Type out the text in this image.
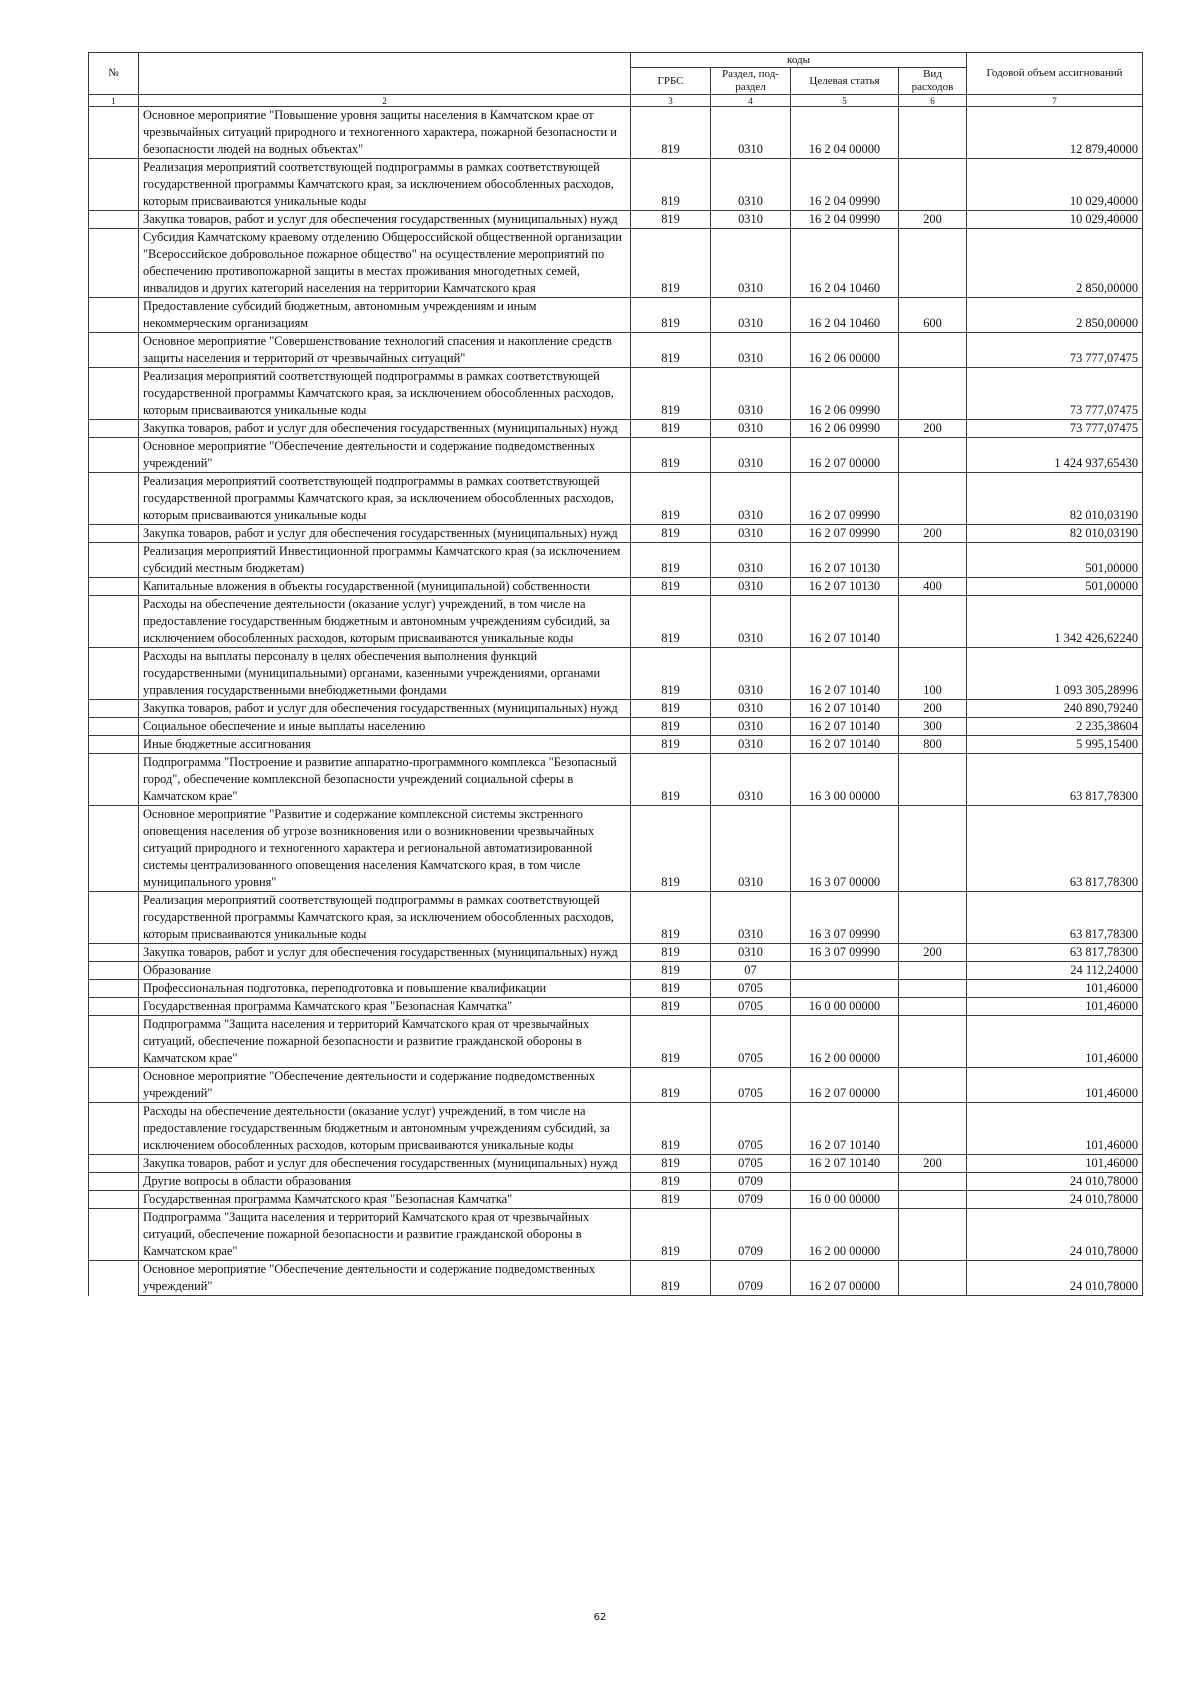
№		коды				Годовой объем ассигнований
		ГРБС	Раздел, под-раздел	Целевая статья	Вид расходов	
1	2	3	4	5	6	7
	Основное мероприятие "Повышение уровня защиты населения в Камчатском крае от чрезвычайных ситуаций природного и техногенного характера, пожарной безопасности и безопасности людей на водных объектах"	819	0310	16 2 04 00000		12 879,40000
	Реализация мероприятий соответствующей подпрограммы в рамках соответствующей государственной программы Камчатского края, за исключением обособленных расходов, которым присваиваются уникальные коды	819	0310	16 2 04 09990		10 029,40000
	Закупка товаров, работ и услуг для обеспечения государственных (муниципальных) нужд	819	0310	16 2 04 09990	200	10 029,40000
	Субсидия Камчатскому краевому отделению Общероссийской общественной организации "Всероссийское добровольное пожарное общество" на осуществление мероприятий по обеспечению противопожарной защиты в местах проживания многодетных семей, инвалидов и других категорий населения на территории Камчатского края	819	0310	16 2 04 10460		2 850,00000
	Предоставление субсидий бюджетным, автономным учреждениям и иным некоммерческим организациям	819	0310	16 2 04 10460	600	2 850,00000
	Основное мероприятие "Совершенствование технологий спасения и накопление средств защиты населения и территорий от чрезвычайных ситуаций"	819	0310	16 2 06 00000		73 777,07475
	Реализация мероприятий соответствующей подпрограммы в рамках соответствующей государственной программы Камчатского края, за исключением обособленных расходов, которым присваиваются уникальные коды	819	0310	16 2 06 09990		73 777,07475
	Закупка товаров, работ и услуг для обеспечения государственных (муниципальных) нужд	819	0310	16 2 06 09990	200	73 777,07475
	Основное мероприятие "Обеспечение деятельности и содержание подведомственных учреждений"	819	0310	16 2 07 00000		1 424 937,65430
	Реализация мероприятий соответствующей подпрограммы в рамках соответствующей государственной программы Камчатского края, за исключением обособленных расходов, которым присваиваются уникальные коды	819	0310	16 2 07 09990		82 010,03190
	Закупка товаров, работ и услуг для обеспечения государственных (муниципальных) нужд	819	0310	16 2 07 09990	200	82 010,03190
	Реализация мероприятий Инвестиционной программы Камчатского края (за исключением субсидий местным бюджетам)	819	0310	16 2 07 10130		501,00000
	Капитальные вложения в объекты государственной (муниципальной) собственности	819	0310	16 2 07 10130	400	501,00000
	Расходы на обеспечение деятельности (оказание услуг) учреждений, в том числе на предоставление государственным бюджетным и автономным учреждениям субсидий, за исключением обособленных расходов, которым присваиваются уникальные коды	819	0310	16 2 07 10140		1 342 426,62240
	Расходы на выплаты персоналу в целях обеспечения выполнения функций государственными (муниципальными) органами, казенными учреждениями, органами управления государственными внебюджетными фондами	819	0310	16 2 07 10140	100	1 093 305,28996
	Закупка товаров, работ и услуг для обеспечения государственных (муниципальных) нужд	819	0310	16 2 07 10140	200	240 890,79240
	Социальное обеспечение и иные выплаты населению	819	0310	16 2 07 10140	300	2 235,38604
	Иные бюджетные ассигнования	819	0310	16 2 07 10140	800	5 995,15400
	Подпрограмма "Построение и развитие аппаратно-программного комплекса "Безопасный город", обеспечение комплексной безопасности учреждений социальной сферы в Камчатском крае"	819	0310	16 3 00 00000		63 817,78300
	Основное мероприятие "Развитие и содержание комплексной системы экстренного оповещения населения об угрозе возникновения или о возникновении чрезвычайных ситуаций природного и техногенного характера и региональной автоматизированной системы централизованного оповещения населения Камчатского края, в том числе муниципального уровня"	819	0310	16 3 07 00000		63 817,78300
	Реализация мероприятий соответствующей подпрограммы в рамках соответствующей государственной программы Камчатского края, за исключением обособленных расходов, которым присваиваются уникальные коды	819	0310	16 3 07 09990		63 817,78300
	Закупка товаров, работ и услуг для обеспечения государственных (муниципальных) нужд	819	0310	16 3 07 09990	200	63 817,78300
	Образование	819	07			24 112,24000
	Профессиональная подготовка, переподготовка и повышение квалификации	819	0705			101,46000
	Государственная программа Камчатского края "Безопасная Камчатка"	819	0705	16 0 00 00000		101,46000
	Подпрограмма "Защита населения и территорий Камчатского края от чрезвычайных ситуаций, обеспечение пожарной безопасности и развитие гражданской обороны в Камчатском крае"	819	0705	16 2 00 00000		101,46000
	Основное мероприятие "Обеспечение деятельности и содержание подведомственных учреждений"	819	0705	16 2 07 00000		101,46000
	Расходы на обеспечение деятельности (оказание услуг) учреждений, в том числе на предоставление государственным бюджетным и автономным учреждениям субсидий, за исключением обособленных расходов, которым присваиваются уникальные коды	819	0705	16 2 07 10140		101,46000
	Закупка товаров, работ и услуг для обеспечения государственных (муниципальных) нужд	819	0705	16 2 07 10140	200	101,46000
	Другие вопросы в области образования	819	0709			24 010,78000
	Государственная программа Камчатского края "Безопасная Камчатка"	819	0709	16 0 00 00000		24 010,78000
	Подпрограмма "Защита населения и территорий Камчатского края от чрезвычайных ситуаций, обеспечение пожарной безопасности и развитие гражданской обороны в Камчатском крае"	819	0709	16 2 00 00000		24 010,78000
	Основное мероприятие "Обеспечение деятельности и содержание подведомственных учреждений"	819	0709	16 2 07 00000		24 010,78000
62
